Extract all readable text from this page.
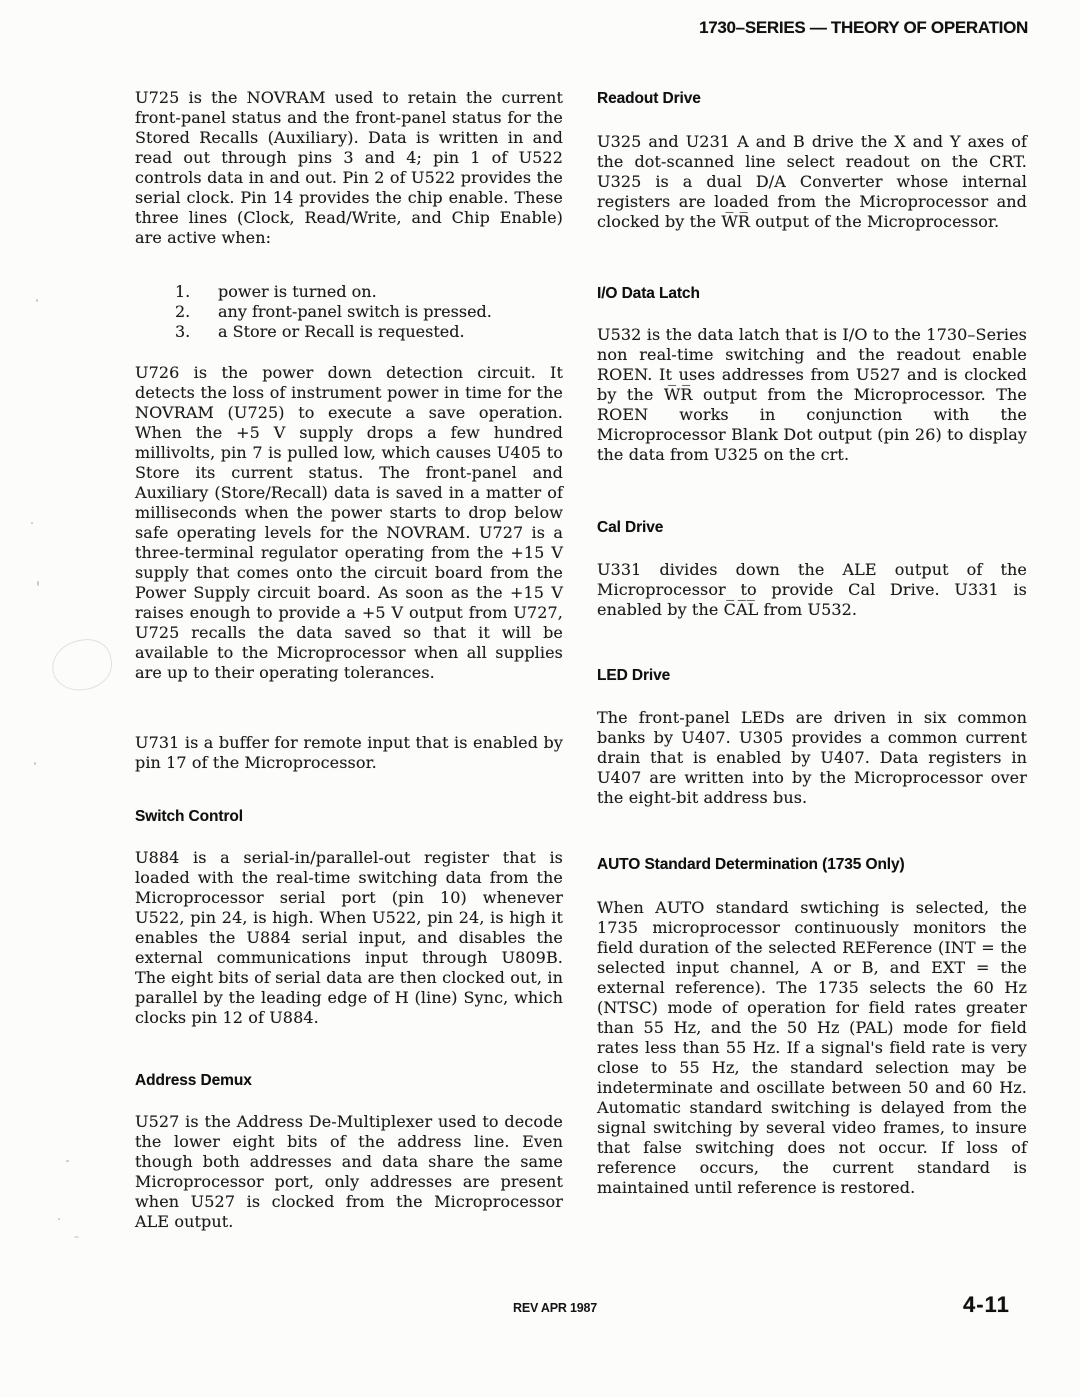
1730–SERIES — THEORY OF OPERATION

U725 is the NOVRAM used to retain the current front-panel status and the front-panel status for the Stored Recalls (Auxiliary). Data is written in and read out through pins 3 and 4; pin 1 of U522 controls data in and out. Pin 2 of U522 provides the serial clock. Pin 14 provides the chip enable. These three lines (Clock, Read/Write, and Chip Enable) are active when:

1.	power is turned on.
2.	any front-panel switch is pressed.
3.	a Store or Recall is requested.

U726 is the power down detection circuit. It detects the loss of instrument power in time for the NOVRAM (U725) to execute a save operation. When the +5 V supply drops a few hundred millivolts, pin 7 is pulled low, which causes U405 to Store its current status. The front-panel and Auxiliary (Store/Recall) data is saved in a matter of milliseconds when the power starts to drop below safe operating levels for the NOVRAM. U727 is a three-terminal regulator operating from the +15 V supply that comes onto the circuit board from the Power Supply circuit board. As soon as the +15 V raises enough to provide a +5 V output from U727, U725 recalls the data saved so that it will be available to the Microprocessor when all supplies are up to their operating tolerances.

U731 is a buffer for remote input that is enabled by pin 17 of the Microprocessor.

Switch Control

U884 is a serial-in/parallel-out register that is loaded with the real-time switching data from the Microprocessor serial port (pin 10) whenever U522, pin 24, is high. When U522, pin 24, is high it enables the U884 serial input, and disables the external communications input through U809B. The eight bits of serial data are then clocked out, in parallel by the leading edge of H (line) Sync, which clocks pin 12 of U884.

Address Demux

U527 is the Address De-Multiplexer used to decode the lower eight bits of the address line. Even though both addresses and data share the same Microprocessor port, only addresses are present when U527 is clocked from the Microprocessor ALE output.

Readout Drive

U325 and U231 A and B drive the X and Y axes of the dot-scanned line select readout on the CRT. U325 is a dual D/A Converter whose internal registers are loaded from the Microprocessor and clocked by the W̅R̅ output of the Microprocessor.

I/O Data Latch

U532 is the data latch that is I/O to the 1730–Series non real-time switching and the readout enable ROEN. It uses addresses from U527 and is clocked by the W̅R̅ output from the Microprocessor. The ROEN works in conjunction with the Microprocessor Blank Dot output (pin 26) to display the data from U325 on the crt.

Cal Drive

U331 divides down the ALE output of the Microprocessor to provide Cal Drive. U331 is enabled by the C̅A̅L̅ from U532.

LED Drive

The front-panel LEDs are driven in six common banks by U407. U305 provides a common current drain that is enabled by U407. Data registers in U407 are written into by the Microprocessor over the eight-bit address bus.

AUTO Standard Determination (1735 Only)

When AUTO standard swtiching is selected, the 1735 microprocessor continuously monitors the field duration of the selected REFerence (INT = the selected input channel, A or B, and EXT = the external reference). The 1735 selects the 60 Hz (NTSC) mode of operation for field rates greater than 55 Hz, and the 50 Hz (PAL) mode for field rates less than 55 Hz. If a signal's field rate is very close to 55 Hz, the standard selection may be indeterminate and oscillate between 50 and 60 Hz. Automatic standard switching is delayed from the signal switching by several video frames, to insure that false switching does not occur. If loss of reference occurs, the current standard is maintained until reference is restored.

REV APR 1987	4-11
